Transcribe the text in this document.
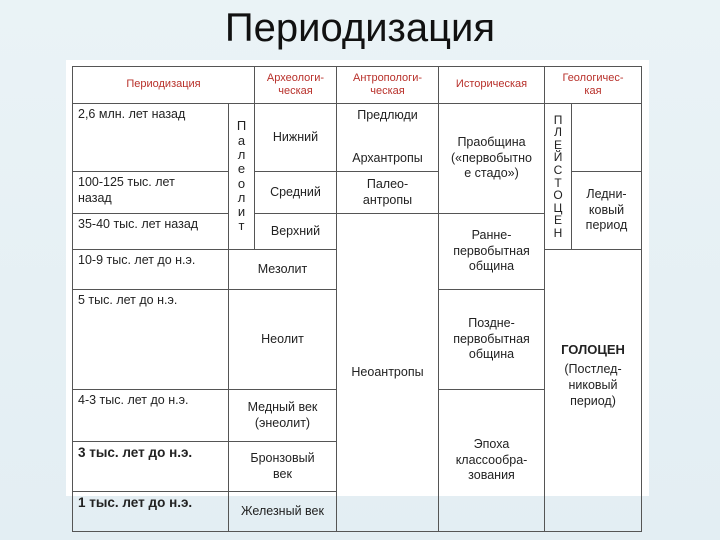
Периодизация
Периодизация
Археологи-
ческая
Антропологи-
ческая
Историческая
Геологичес-
кая
2,6 млн. лет назад
100-125 тыс. лет
назад
35-40 тыс. лет назад
10-9 тыс. лет до н.э.
5 тыс. лет до н.э.
4-3 тыс. лет до н.э.
3 тыс. лет до н.э.
1 тыс. лет до н.э.
П
а
л
е
о
л
и
т
Нижний
Средний
Верхний
Мезолит
Неолит
Медный век
(энеолит)
Бронзовый
век
Железный век
Предлюди
Архантропы
Палео-
антропы
Неоантропы
Праобщина
(«первобытно
е стадо»)
Ранне-
первобытная
община
Поздне-
первобытная
община
Эпоха
классообра-
зования
П
Л
Е
Й
С
Т
О
Ц
Е
Н
Ледни-
ковый
период
ГОЛОЦЕН
(Постлед-
никовый
период)
